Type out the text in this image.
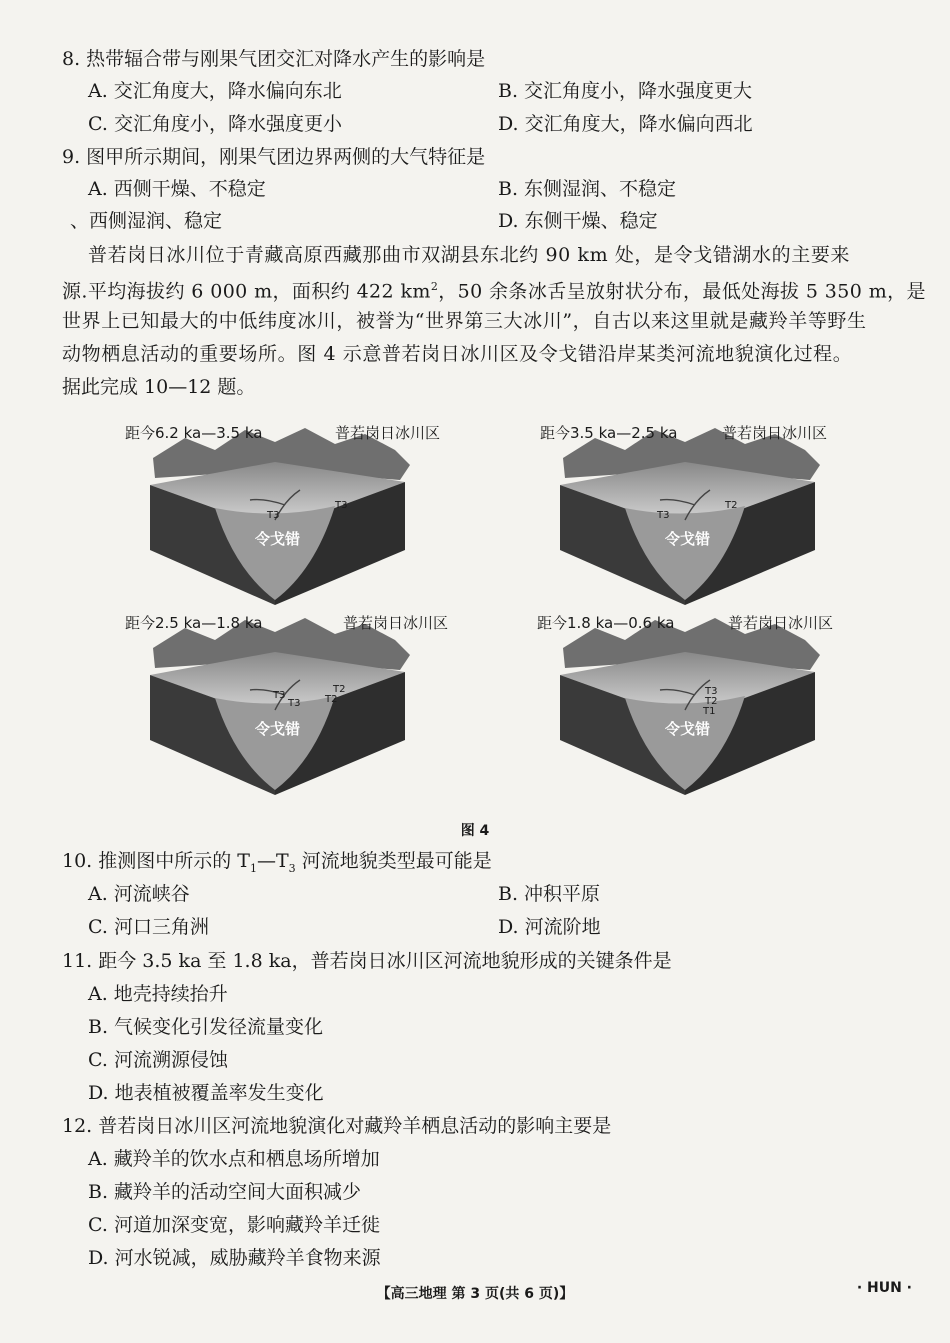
8. 热带辐合带与刚果气团交汇对降水产生的影响是
A. 交汇角度大，降水偏向东北	B. 交汇角度小，降水强度更大
C. 交汇角度小，降水强度更小	D. 交汇角度大，降水偏向西北
9. 图甲所示期间，刚果气团边界两侧的大气特征是
A. 西侧干燥、不稳定	B. 东侧湿润、不稳定
、西侧湿润、稳定	D. 东侧干燥、稳定
普若岗日冰川位于青藏高原西藏那曲市双湖县东北约 90 km 处，是令戈错湖水的主要来
源.平均海拔约 6 000 m，面积约 422 $km^2$，50 余条冰舌呈放射状分布，最低处海拔 5 350 m，是
世界上已知最大的中低纬度冰川，被誉为“世界第三大冰川”，自古以来这里就是藏羚羊等野生
动物栖息活动的重要场所。图 4 示意普若岗日冰川区及令戈错沿岸某类河流地貌演化过程。
据此完成 10—12 题。
距今6.2 ka—3.5 ka	普若岗日冰川区
令戈错
T3
T3
距今3.5 ka—2.5 ka	普若岗日冰川区
令戈错
T3
T2
距今2.5 ka—1.8 ka	普若岗日冰川区
令戈错
T3
T2
T3 T2
距今1.8 ka—0.6 ka	普若岗日冰川区
令戈错
T3
T2
T1
图 4
10. 推测图中所示的 $T_1—T_3$ 河流地貌类型最可能是
A. 河流峡谷	B. 冲积平原
C. 河口三角洲	D. 河流阶地
11. 距今 3.5 ka 至 1.8 ka，普若岗日冰川区河流地貌形成的关键条件是
A. 地壳持续抬升
B. 气候变化引发径流量变化
C. 河流溯源侵蚀
D. 地表植被覆盖率发生变化
12. 普若岗日冰川区河流地貌演化对藏羚羊栖息活动的影响主要是
A. 藏羚羊的饮水点和栖息场所增加
B. 藏羚羊的活动空间大面积减少
C. 河道加深变宽，影响藏羚羊迁徙
D. 河水锐减，威胁藏羚羊食物来源
【高三地理 第 3 页(共 6 页)】	· HUN ·
